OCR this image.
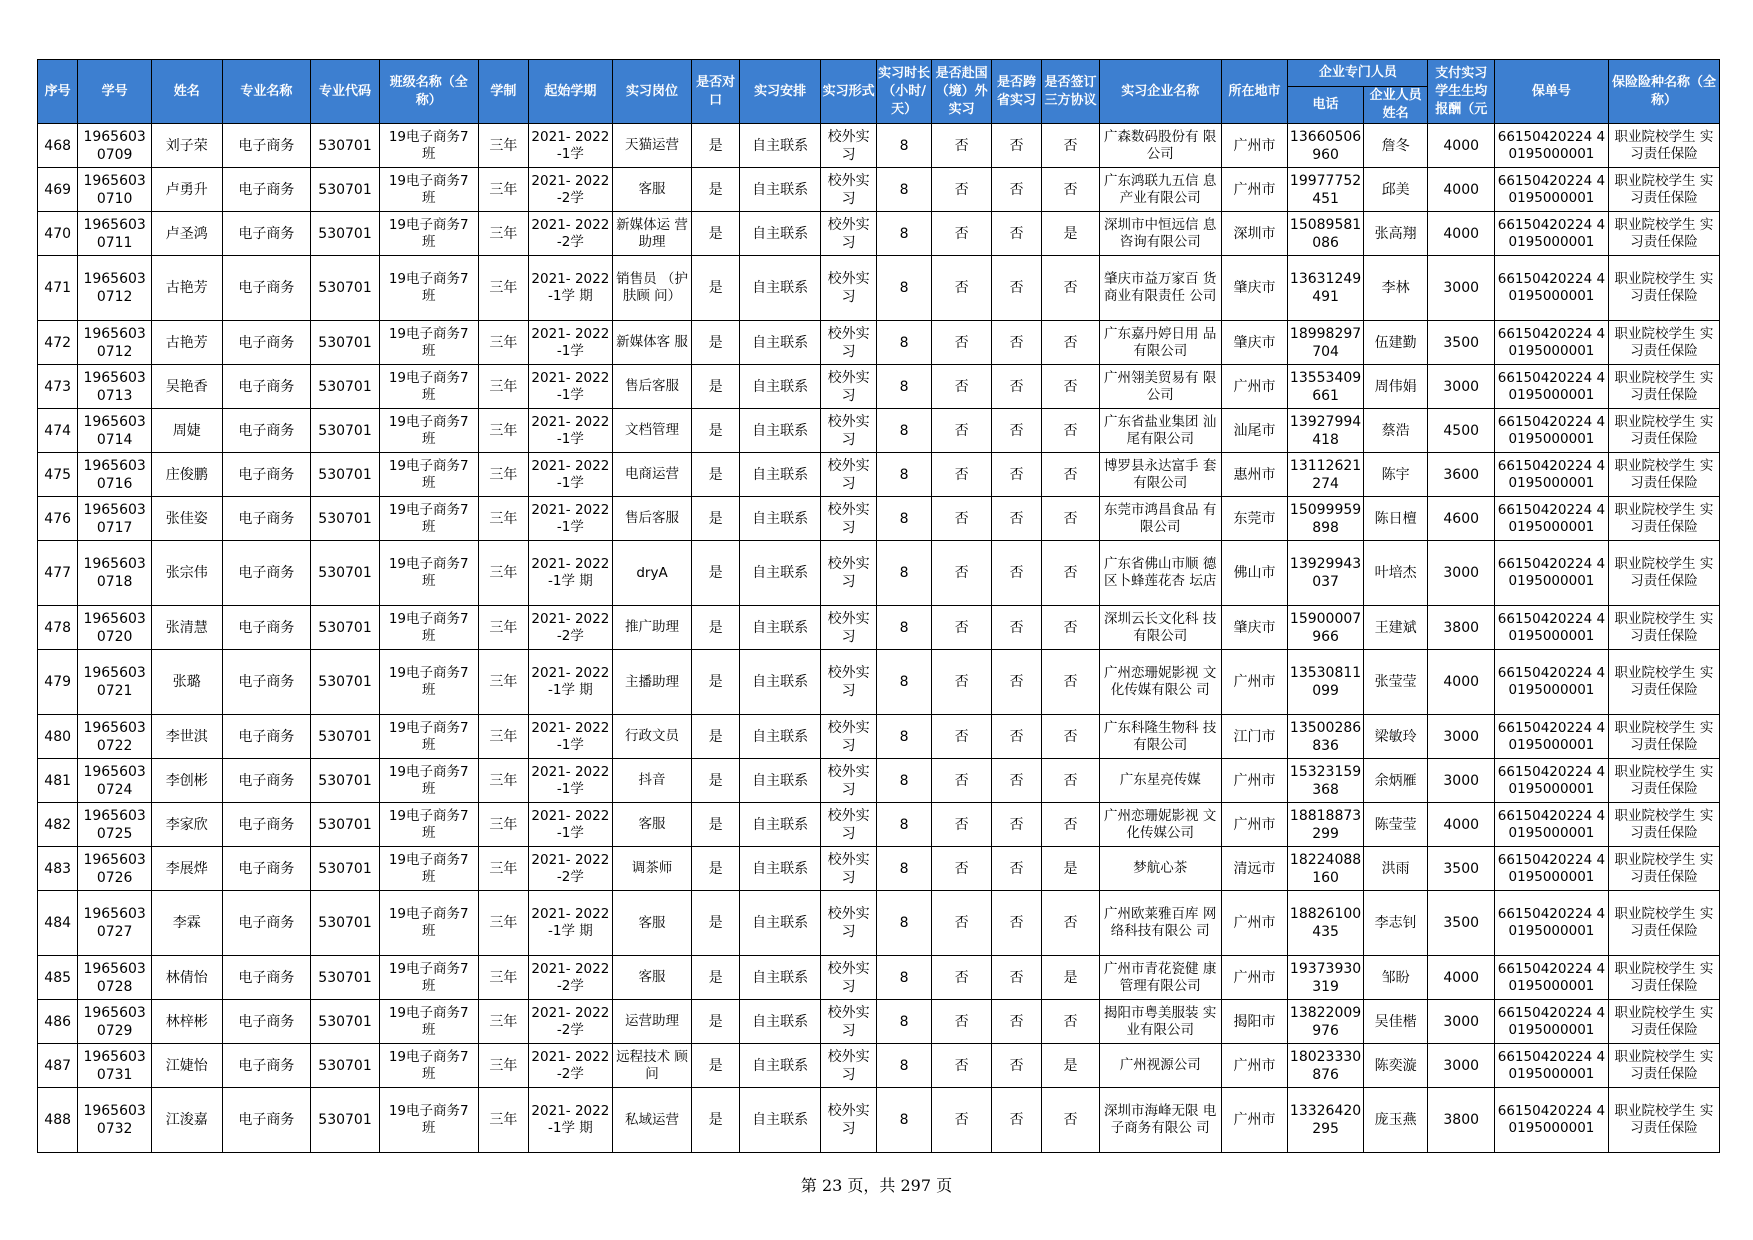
序号	学号	姓名	专业名称	专业代码	班级名称（全称）	学制	起始学期	实习岗位	是否对口	实习安排	实习形式	实习时长（小时/天）	是否赴国（境）外实习	是否跨省实习	是否签订三方协议	实习企业名称	所在地市	企业专门人员		支付实习学生生均报酬（元	保单号	保险险种名称（全称）
																		电话	企业人员姓名			
468	1965603 0709	刘子荣	电子商务	530701	19电子商务7 班	三年	2021- 2022-1学	天猫运营	是	自主联系	校外实 习	8	否	否	否	广森数码股份有 限公司	广州市	13660506 960	詹冬	4000	66150420224 40195000001	职业院校学生 实习责任保险
469	1965603 0710	卢勇升	电子商务	530701	19电子商务7 班	三年	2021- 2022-2学	客服	是	自主联系	校外实 习	8	否	否	否	广东鸿联九五信 息产业有限公司	广州市	19977752 451	邱美	4000	66150420224 40195000001	职业院校学生 实习责任保险
470	1965603 0711	卢圣鸿	电子商务	530701	19电子商务7 班	三年	2021- 2022-2学	新媒体运 营助理	是	自主联系	校外实 习	8	否	否	是	深圳市中恒远信 息咨询有限公司	深圳市	15089581 086	张高翔	4000	66150420224 40195000001	职业院校学生 实习责任保险
471	1965603 0712	古艳芳	电子商务	530701	19电子商务7 班	三年	2021- 2022-1学 期	销售员 （护肤顾 问）	是	自主联系	校外实 习	8	否	否	否	肇庆市益万家百 货商业有限责任 公司	肇庆市	13631249 491	李林	3000	66150420224 40195000001	职业院校学生 实习责任保险
472	1965603 0712	古艳芳	电子商务	530701	19电子商务7 班	三年	2021- 2022-1学	新媒体客 服	是	自主联系	校外实 习	8	否	否	否	广东嘉丹婷日用 品有限公司	肇庆市	18998297 704	伍建勤	3500	66150420224 40195000001	职业院校学生 实习责任保险
473	1965603 0713	吴艳香	电子商务	530701	19电子商务7 班	三年	2021- 2022-1学	售后客服	是	自主联系	校外实 习	8	否	否	否	广州翎美贸易有 限公司	广州市	13553409 661	周伟娟	3000	66150420224 40195000001	职业院校学生 实习责任保险
474	1965603 0714	周婕	电子商务	530701	19电子商务7 班	三年	2021- 2022-1学	文档管理	是	自主联系	校外实 习	8	否	否	否	广东省盐业集团 汕尾有限公司	汕尾市	13927994 418	蔡浩	4500	66150420224 40195000001	职业院校学生 实习责任保险
475	1965603 0716	庄俊鹏	电子商务	530701	19电子商务7 班	三年	2021- 2022-1学	电商运营	是	自主联系	校外实 习	8	否	否	否	博罗县永达富手 套有限公司	惠州市	13112621 274	陈宇	3600	66150420224 40195000001	职业院校学生 实习责任保险
476	1965603 0717	张佳姿	电子商务	530701	19电子商务7 班	三年	2021- 2022-1学	售后客服	是	自主联系	校外实 习	8	否	否	否	东莞市鸿昌食品 有限公司	东莞市	15099959 898	陈日檀	4600	66150420224 40195000001	职业院校学生 实习责任保险
477	1965603 0718	张宗伟	电子商务	530701	19电子商务7 班	三年	2021- 2022-1学 期	dryA	是	自主联系	校外实 习	8	否	否	否	广东省佛山市顺 德区卜蜂莲花杏 坛店	佛山市	13929943 037	叶培杰	3000	66150420224 40195000001	职业院校学生 实习责任保险
478	1965603 0720	张清慧	电子商务	530701	19电子商务7 班	三年	2021- 2022-2学	推广助理	是	自主联系	校外实 习	8	否	否	否	深圳云长文化科 技有限公司	肇庆市	15900007 966	王建斌	3800	66150420224 40195000001	职业院校学生 实习责任保险
479	1965603 0721	张璐	电子商务	530701	19电子商务7 班	三年	2021- 2022-1学 期	主播助理	是	自主联系	校外实 习	8	否	否	否	广州恋珊妮影视 文化传媒有限公 司	广州市	13530811 099	张莹莹	4000	66150420224 40195000001	职业院校学生 实习责任保险
480	1965603 0722	李世淇	电子商务	530701	19电子商务7 班	三年	2021- 2022-1学	行政文员	是	自主联系	校外实 习	8	否	否	否	广东科隆生物科 技有限公司	江门市	13500286 836	梁敏玲	3000	66150420224 40195000001	职业院校学生 实习责任保险
481	1965603 0724	李创彬	电子商务	530701	19电子商务7 班	三年	2021- 2022-1学	抖音	是	自主联系	校外实 习	8	否	否	否	广东星亮传媒	广州市	15323159 368	余炳雁	3000	66150420224 40195000001	职业院校学生 实习责任保险
482	1965603 0725	李家欣	电子商务	530701	19电子商务7 班	三年	2021- 2022-1学	客服	是	自主联系	校外实 习	8	否	否	否	广州恋珊妮影视 文化传媒公司	广州市	18818873 299	陈莹莹	4000	66150420224 40195000001	职业院校学生 实习责任保险
483	1965603 0726	李展烨	电子商务	530701	19电子商务7 班	三年	2021- 2022-2学	调茶师	是	自主联系	校外实 习	8	否	否	是	梦航心茶	清远市	18224088 160	洪雨	3500	66150420224 40195000001	职业院校学生 实习责任保险
484	1965603 0727	李霖	电子商务	530701	19电子商务7 班	三年	2021- 2022-1学 期	客服	是	自主联系	校外实 习	8	否	否	否	广州欧莱雅百库 网络科技有限公 司	广州市	18826100 435	李志钊	3500	66150420224 40195000001	职业院校学生 实习责任保险
485	1965603 0728	林倩怡	电子商务	530701	19电子商务7 班	三年	2021- 2022-2学	客服	是	自主联系	校外实 习	8	否	否	是	广州市青花瓷健 康管理有限公司	广州市	19373930 319	邹盼	4000	66150420224 40195000001	职业院校学生 实习责任保险
486	1965603 0729	林梓彬	电子商务	530701	19电子商务7 班	三年	2021- 2022-2学	运营助理	是	自主联系	校外实 习	8	否	否	否	揭阳市粤美服装 实业有限公司	揭阳市	13822009 976	吴佳楷	3000	66150420224 40195000001	职业院校学生 实习责任保险
487	1965603 0731	江婕怡	电子商务	530701	19电子商务7 班	三年	2021- 2022-2学	远程技术 顾问	是	自主联系	校外实 习	8	否	否	是	广州视源公司	广州市	18023330 876	陈奕漩	3000	66150420224 40195000001	职业院校学生 实习责任保险
488	1965603 0732	江浚嘉	电子商务	530701	19电子商务7 班	三年	2021- 2022-1学 期	私域运营	是	自主联系	校外实 习	8	否	否	否	深圳市海峰无限 电子商务有限公 司	广州市	13326420 295	庞玉燕	3800	66150420224 40195000001	职业院校学生 实习责任保险
第 23 页，共 297 页
